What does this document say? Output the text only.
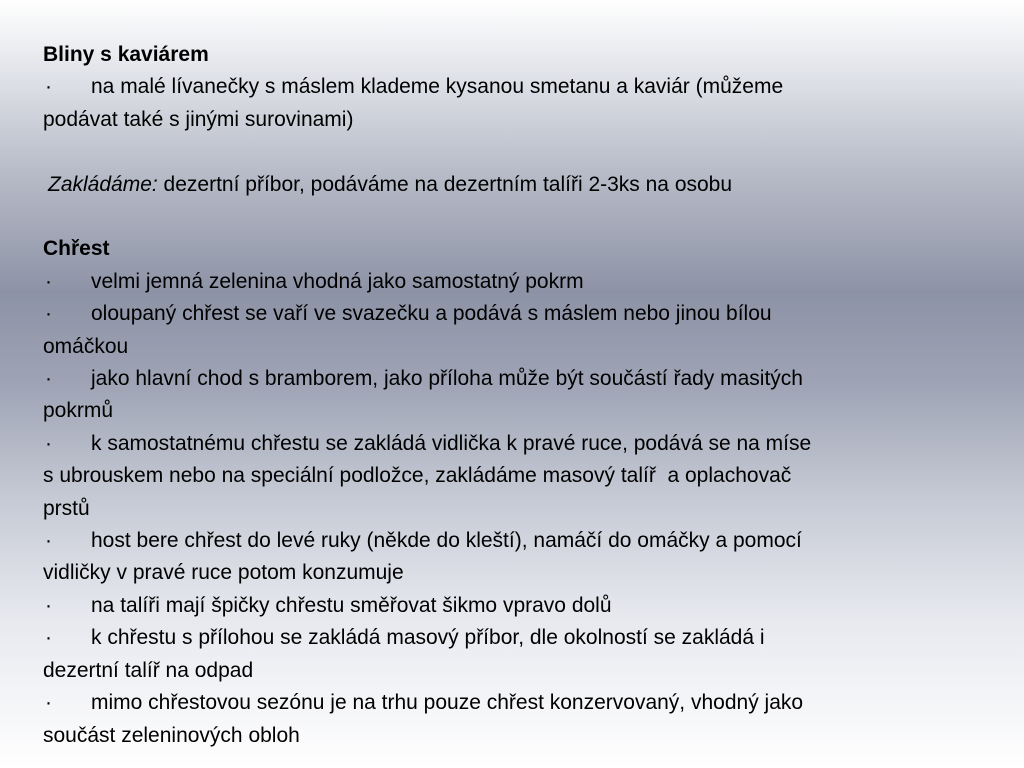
Bliny s kaviárem

· na malé lívanečky s máslem klademe kysanou smetanu a kaviár (můžeme

podávat také s jinými surovinami)

Zakládáme: dezertní příbor, podáváme na dezertním talíři 2-3ks na osobu

Chřest

· velmi jemná zelenina vhodná jako samostatný pokrm

· oloupaný chřest se vaří ve svazečku a podává s máslem nebo jinou bílou

omáčkou

· jako hlavní chod s bramborem, jako příloha může být součástí řady masitých

pokrmů

· k samostatnému chřestu se zakládá vidlička k pravé ruce, podává se na míse

s ubrouskem nebo na speciální podložce, zakládáme masový talíř  a oplachovač

prstů

· host bere chřest do levé ruky (někde do kleští), namáčí do omáčky a pomocí

vidličky v pravé ruce potom konzumuje

· na talíři mají špičky chřestu směřovat šikmo vpravo dolů

· k chřestu s přílohou se zakládá masový příbor, dle okolností se zakládá i

dezertní talíř na odpad

· mimo chřestovou sezónu je na trhu pouze chřest konzervovaný, vhodný jako

součást zeleninových obloh
